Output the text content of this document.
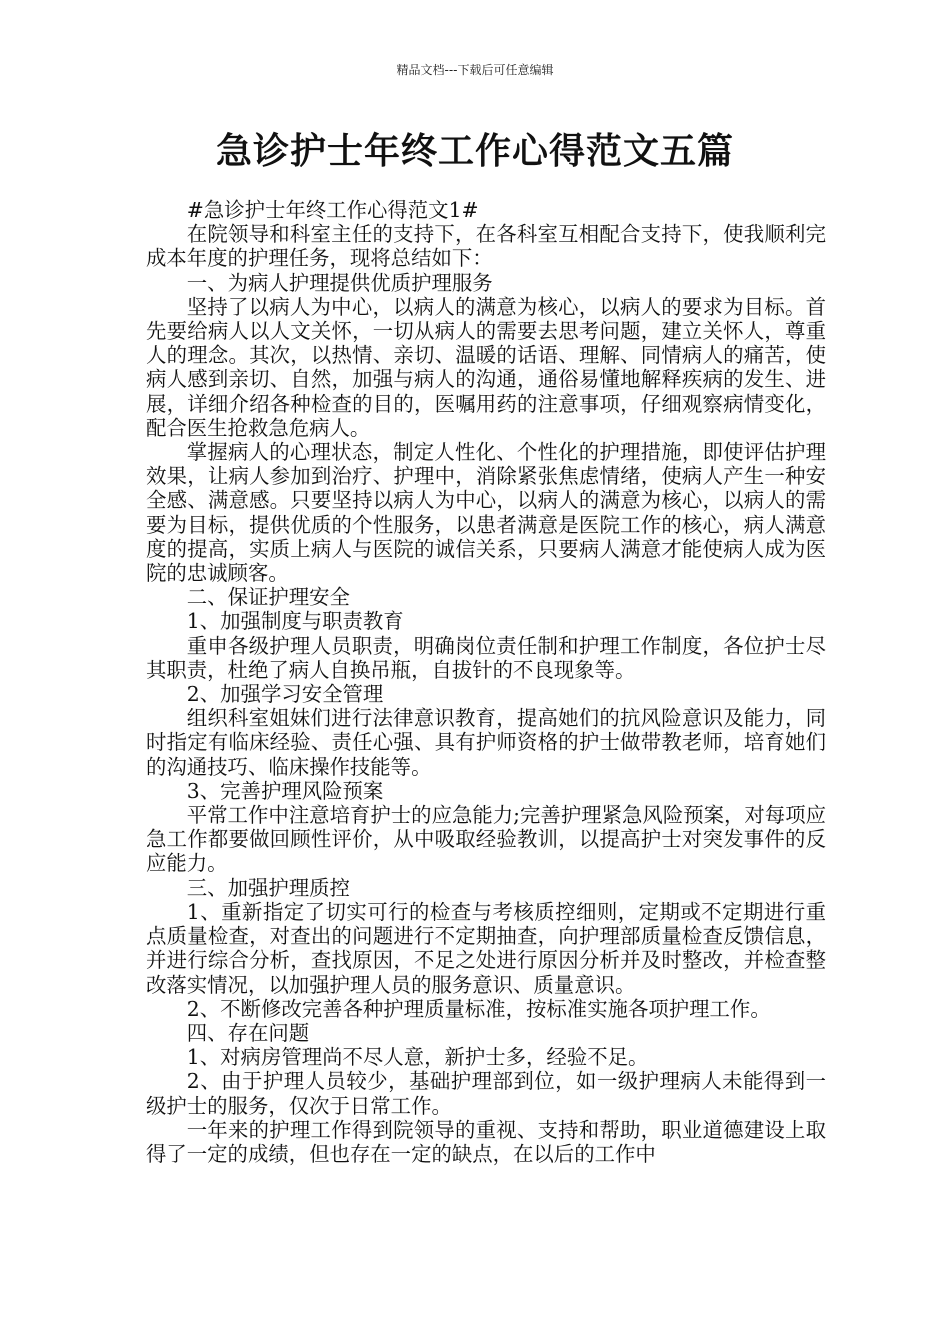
精品文档---下载后可任意编辑
急诊护士年终工作心得范文五篇

#急诊护士年终工作心得范文1#

在院领导和科室主任的支持下，在各科室互相配合支持下，使我顺利完成本年度的护理任务，现将总结如下：

一、为病人护理提供优质护理服务

坚持了以病人为中心，以病人的满意为核心，以病人的要求为目标。首先要给病人以人文关怀，一切从病人的需要去思考问题，建立关怀人，尊重人的理念。其次，以热情、亲切、温暖的话语、理解、同情病人的痛苦，使病人感到亲切、自然，加强与病人的沟通，通俗易懂地解释疾病的发生、进展，详细介绍各种检查的目的，医嘱用药的注意事项，仔细观察病情变化，配合医生抢救急危病人。

掌握病人的心理状态，制定人性化、个性化的护理措施，即使评估护理效果，让病人参加到治疗、护理中，消除紧张焦虑情绪，使病人产生一种安全感、满意感。只要坚持以病人为中心，以病人的满意为核心，以病人的需要为目标，提供优质的个性服务，以患者满意是医院工作的核心，病人满意度的提高，实质上病人与医院的诚信关系，只要病人满意才能使病人成为医院的忠诚顾客。

二、保证护理安全

1、加强制度与职责教育

重申各级护理人员职责，明确岗位责任制和护理工作制度，各位护士尽其职责，杜绝了病人自换吊瓶，自拔针的不良现象等。

2、加强学习安全管理

组织科室姐妹们进行法律意识教育，提高她们的抗风险意识及能力，同时指定有临床经验、责任心强、具有护师资格的护士做带教老师，培育她们的沟通技巧、临床操作技能等。

3、完善护理风险预案

平常工作中注意培育护士的应急能力;完善护理紧急风险预案，对每项应急工作都要做回顾性评价，从中吸取经验教训，以提高护士对突发事件的反应能力。

三、加强护理质控

1、重新指定了切实可行的检查与考核质控细则，定期或不定期进行重点质量检查，对查出的问题进行不定期抽查，向护理部质量检查反馈信息，并进行综合分析，查找原因，不足之处进行原因分析并及时整改，并检查整改落实情况，以加强护理人员的服务意识、质量意识。

2、不断修改完善各种护理质量标准，按标准实施各项护理工作。

四、存在问题

1、对病房管理尚不尽人意，新护士多，经验不足。

2、由于护理人员较少，基础护理部到位，如一级护理病人未能得到一级护士的服务，仅次于日常工作。

一年来的护理工作得到院领导的重视、支持和帮助，职业道德建设上取得了一定的成绩，但也存在一定的缺点，在以后的工作中
